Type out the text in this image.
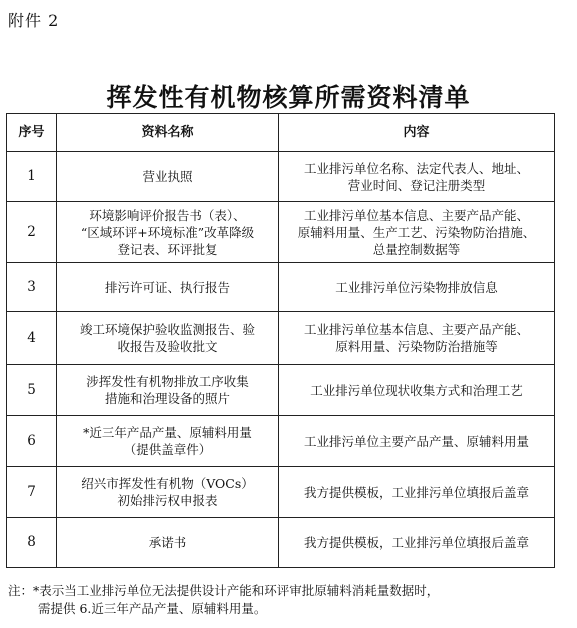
附件 2
挥发性有机物核算所需资料清单
序号	资料名称	内容
1	营业执照	工业排污单位名称、法定代表人、地址、
营业时间、登记注册类型

2	环境影响评价报告书（表）、
“区域环评+环境标准”改革降级
登记表、环评批复	工业排污单位基本信息、主要产品产能、
原辅料用量、生产工艺、污染物防治措施、
总量控制数据等

3	排污许可证、执行报告	工业排污单位污染物排放信息

4	竣工环境保护验收监测报告、验
收报告及验收批文	工业排污单位基本信息、主要产品产能、
原料用量、污染物防治措施等

5	涉挥发性有机物排放工序收集
措施和治理设备的照片	工业排污单位现状收集方式和治理工艺

6	*近三年产品产量、原辅料用量
（提供盖章件）	工业排污单位主要产品产量、原辅料用量

7	绍兴市挥发性有机物（VOCs）
初始排污权申报表	我方提供模板，工业排污单位填报后盖章

8	承诺书	我方提供模板，工业排污单位填报后盖章
注：*表示当工业排污单位无法提供设计产能和环评审批原辅料消耗量数据时，
需提供 6.近三年产品产量、原辅料用量。
